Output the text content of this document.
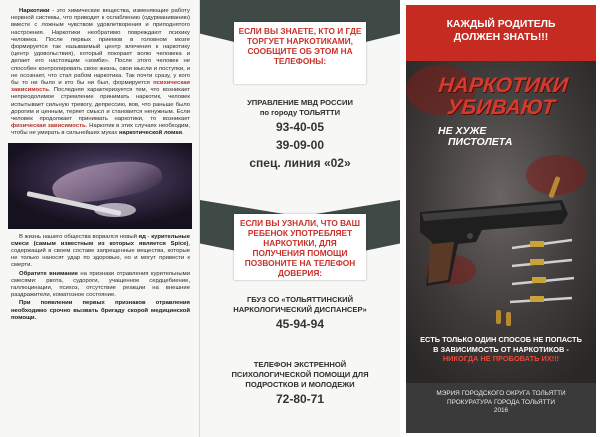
Наркотики - это химические вещества, изменяющие работу нервной системы, что приводит к ослаблению (одурманиванию) вместе с ложным чувством удовлетворения и приподнятого настроения. Наркотики необратимо повреждают психику человека. После первых приемов в головном мозге формируется так называемый центр влечения к наркотику (центр удовольствия), который покорает волю человека и делает его настоящим «зомби». После этого человек не способен контролировать свою жизнь, свои мысли и поступки, и не осознает, что стал рабом наркотика. Так почти сразу, у кого бы то ни было и кто бы ни был, формируется психическая зависимость. Последняя характеризуется тем, что возникает непреодолимое стремление принимать наркотик, человек испытывает сильную тревогу, депрессию, вов, что раньше было дорогим и ценным, теряет смысл и становится ненужным. Если человек продолжает принимать наркотики, то возникает физическая зависимость. Наркотик в этих случаях необходим, чтобы не умирать в сильнейших муках наркотической ломки.

В жизнь нашего общества ворвался новый яд - курительные смеси (самым известным из которых является Spice), содержащий в своем составе запрещенные вещества, которые не только наносят удар по здоровью, но и могут привести к смерти.

Обратите внимание на признаки отравления курительными смесями: рвота, судороги, учащенное сердцебиение, галлюцинации, психоз, отсутствие реакции на внешние раздражители, коматозное состояние.

При появлении первых признаков отравления необходимо срочно вызвать бригаду скорой медицинской помощи.

ЕСЛИ ВЫ ЗНАЕТЕ, КТО И ГДЕ ТОРГУЕТ НАРКОТИКАМИ, СООБЩИТЕ ОБ ЭТОМ НА ТЕЛЕФОНЫ:
УПРАВЛЕНИЕ МВД РОССИИ
по городу ТОЛЬЯТТИ
93-40-05
39-09-00
спец. линия «02»
ЕСЛИ ВЫ УЗНАЛИ, ЧТО ВАШ РЕБЕНОК УПОТРЕБЛЯЕТ НАРКОТИКИ, ДЛЯ ПОЛУЧЕНИЯ ПОМОЩИ ПОЗВОНИТЕ НА ТЕЛЕФОН ДОВЕРИЯ:
ГБУЗ СО «ТОЛЬЯТТИНСКИЙ
НАРКОЛОГИЧЕСКИЙ ДИСПАНСЕР»
45-94-94
ТЕЛЕФОН ЭКСТРЕННОЙ
ПСИХОЛОГИЧЕСКОЙ ПОМОЩИ ДЛЯ
ПОДРОСТКОВ И МОЛОДЕЖИ
72-80-71
КАЖДЫЙ РОДИТЕЛЬ
ДОЛЖЕН ЗНАТЬ!!!
НАРКОТИКИ
УБИВАЮТ
НЕ ХУЖЕ
ПИСТОЛЕТА
ЕСТЬ ТОЛЬКО ОДИН СПОСОБ НЕ ПОПАСТЬ
В ЗАВИСИМОСТЬ ОТ НАРКОТИКОВ -
НИКОГДА НЕ ПРОБОВАТЬ ИХ!!!
МЭРИЯ ГОРОДСКОГО ОКРУГА ТОЛЬЯТТИ
ПРОКУРАТУРА ГОРОДА ТОЛЬЯТТИ
2016
